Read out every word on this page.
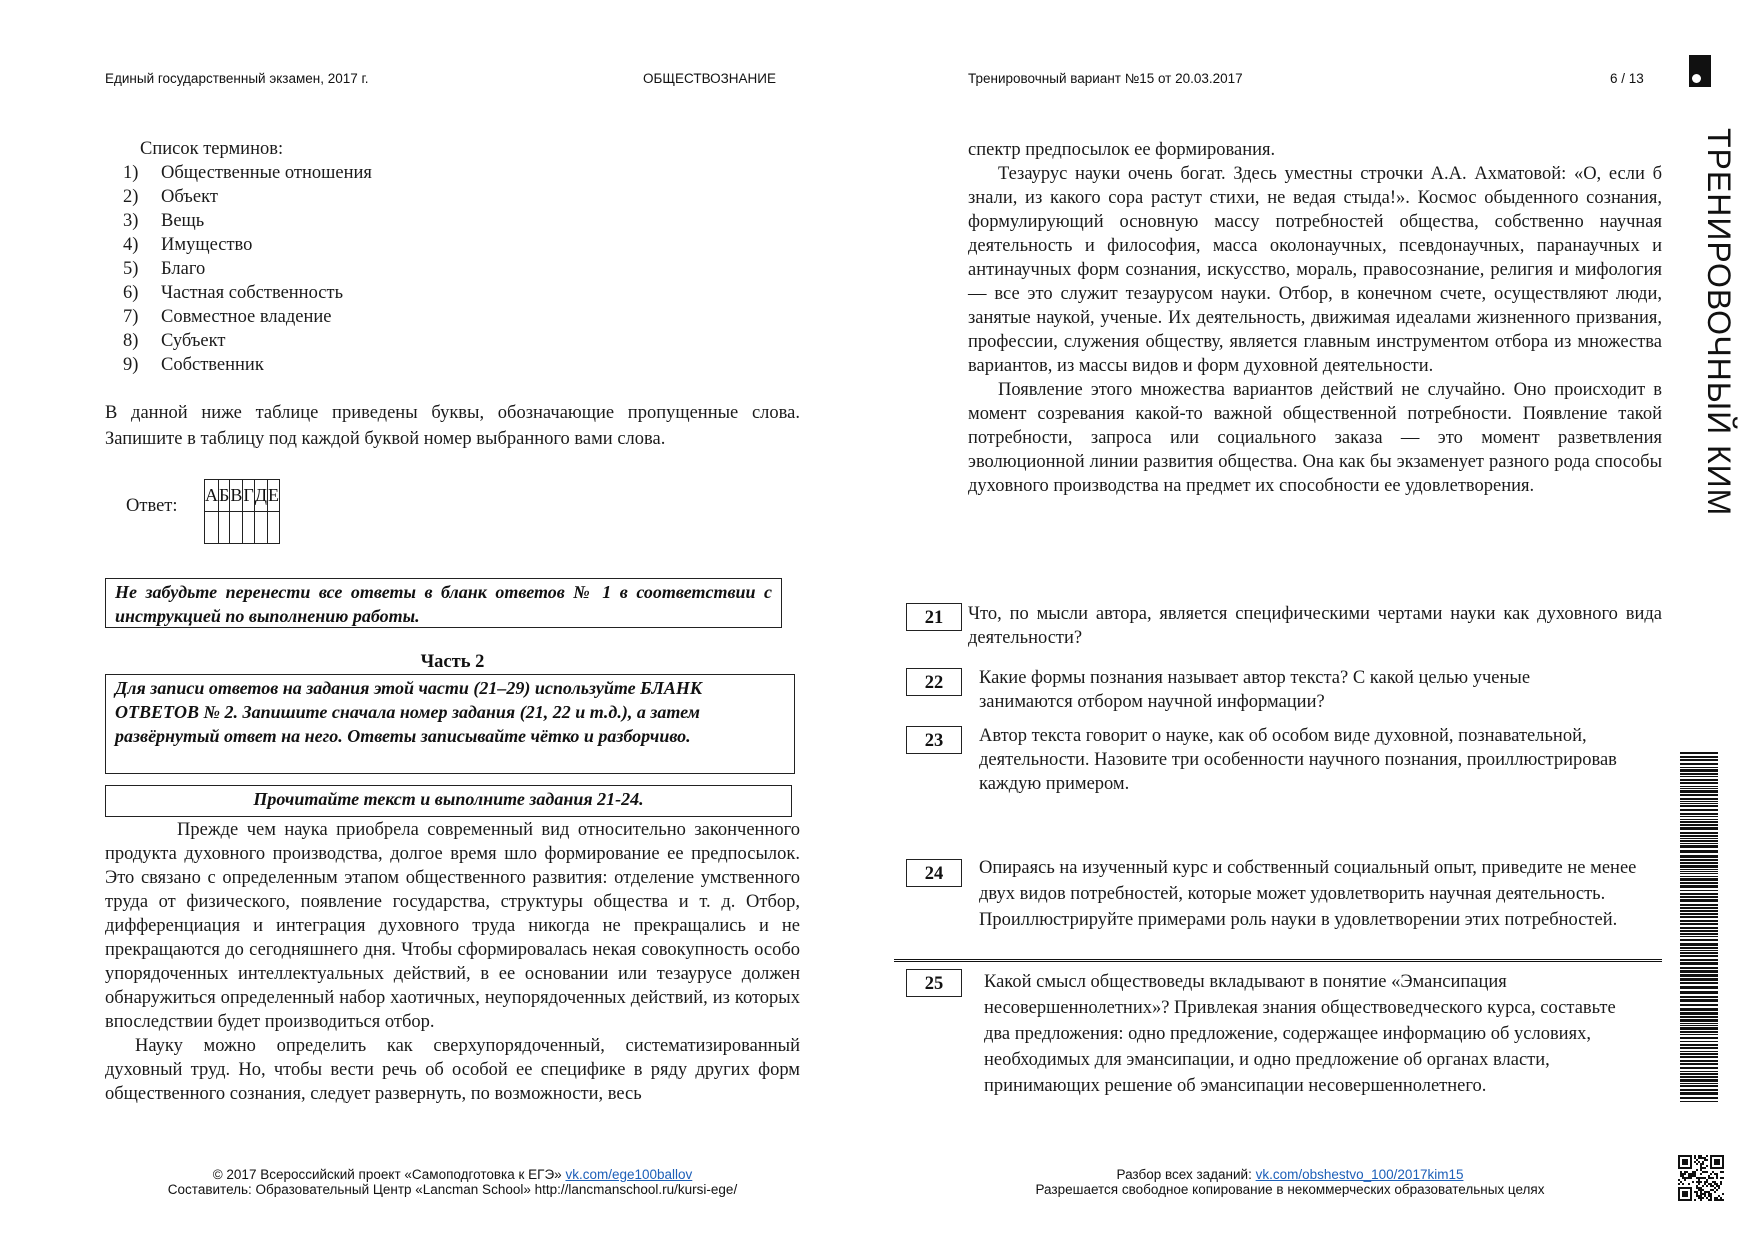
Единый государственный экзамен, 2017 г.	ОБЩЕСТВОЗНАНИЕ	Тренировочный вариант №15 от 20.03.2017	6 / 13
ТРЕНИРОВОЧНЫЙ КИМ
Список терминов:
1)	Общественные отношения
2)	Объект
3)	Вещь
4)	Имущество
5)	Благо
6)	Частная собственность
7)	Совместное владение
8)	Субъект
9)	Собственник
В данной ниже таблице приведены буквы, обозначающие пропущенные слова. Запишите в таблицу под каждой буквой номер выбранного вами слова.
Ответ:
А	Б	В	Г	Д	Е

Не забудьте перенести все ответы в бланк ответов № 1 в соответствии с инструкцией по выполнению работы.
Часть 2
Для записи ответов на задания этой части (21–29) используйте БЛАНК ОТВЕТОВ № 2. Запишите сначала номер задания (21, 22 и т.д.), а затем развёрнутый ответ на него. Ответы записывайте чётко и разборчиво.
Прочитайте текст и выполните задания 21-24.

Прежде чем наука приобрела современный вид относительно законченного продукта духовного производства, долгое время шло формирование ее предпосылок. Это связано с определенным этапом общественного развития: отделение умственного труда от физического, появление государства, структуры общества и т. д. Отбор, дифференциация и интеграция духовного труда никогда не прекращались и не прекращаются до сегодняшнего дня. Чтобы сформировалась некая совокупность особо упорядоченных интеллектуальных действий, в ее основании или тезаурусе должен обнаружиться определенный набор хаотичных, неупорядоченных действий, из которых впоследствии будет производиться отбор.

Науку можно определить как сверхупорядоченный, систематизированный духовный труд. Но, чтобы вести речь об особой ее специфике в ряду других форм общественного сознания, следует развернуть, по возможности, весь

спектр предпосылок ее формирования.

Тезаурус науки очень богат. Здесь уместны строчки А.А. Ахматовой: «О, если б знали, из какого сора растут стихи, не ведая стыда!». Космос обыденного сознания, формулирующий основную массу потребностей общества, собственно научная деятельность и философия, масса околонаучных, псевдонаучных, паранаучных и антинаучных форм сознания, искусство, мораль, правосознание, религия и мифология — все это служит тезаурусом науки. Отбор, в конечном счете, осуществляют люди, занятые наукой, ученые. Их деятельность, движимая идеалами жизненного призвания, профессии, служения обществу, является главным инструментом отбора из множества вариантов, из массы видов и форм духовной деятельности.

Появление этого множества вариантов действий не случайно. Оно происходит в момент созревания какой-то важной общественной потребности. Появление такой потребности, запроса или социального заказа — это момент разветвления эволюционной линии развития общества. Она как бы экзаменует разного рода способы духовного производства на предмет их способности ее удовлетворения.

21	Что, по мысли автора, является специфическими чертами науки как духовного вида деятельности?
22	Какие формы познания называет автор текста? С какой целью ученые занимаются отбором научной информации?
23	Автор текста говорит о науке, как об особом виде духовной, познавательной, деятельности. Назовите три особенности научного познания, проиллюстрировав каждую примером.
24	Опираясь на изученный курс и собственный социальный опыт, приведите не менее двух видов потребностей, которые может удовлетворить научная деятельность. Проиллюстрируйте примерами роль науки в удовлетворении этих потребностей.
25	Какой смысл обществоведы вкладывают в понятие «Эмансипация несовершеннолетних»? Привлекая знания обществоведческого курса, составьте два предложения: одно предложение, содержащее информацию об условиях, необходимых для эмансипации, и одно предложение об органах власти, принимающих решение об эмансипации несовершеннолетнего.
© 2017 Всероссийский проект «Самоподготовка к ЕГЭ» vk.com/ege100ballov
Составитель: Образовательный Центр «Lancman School» http://lancmanschool.ru/kursi-ege/
Разбор всех заданий: vk.com/obshestvo_100/2017kim15
Разрешается свободное копирование в некоммерческих образовательных целях
